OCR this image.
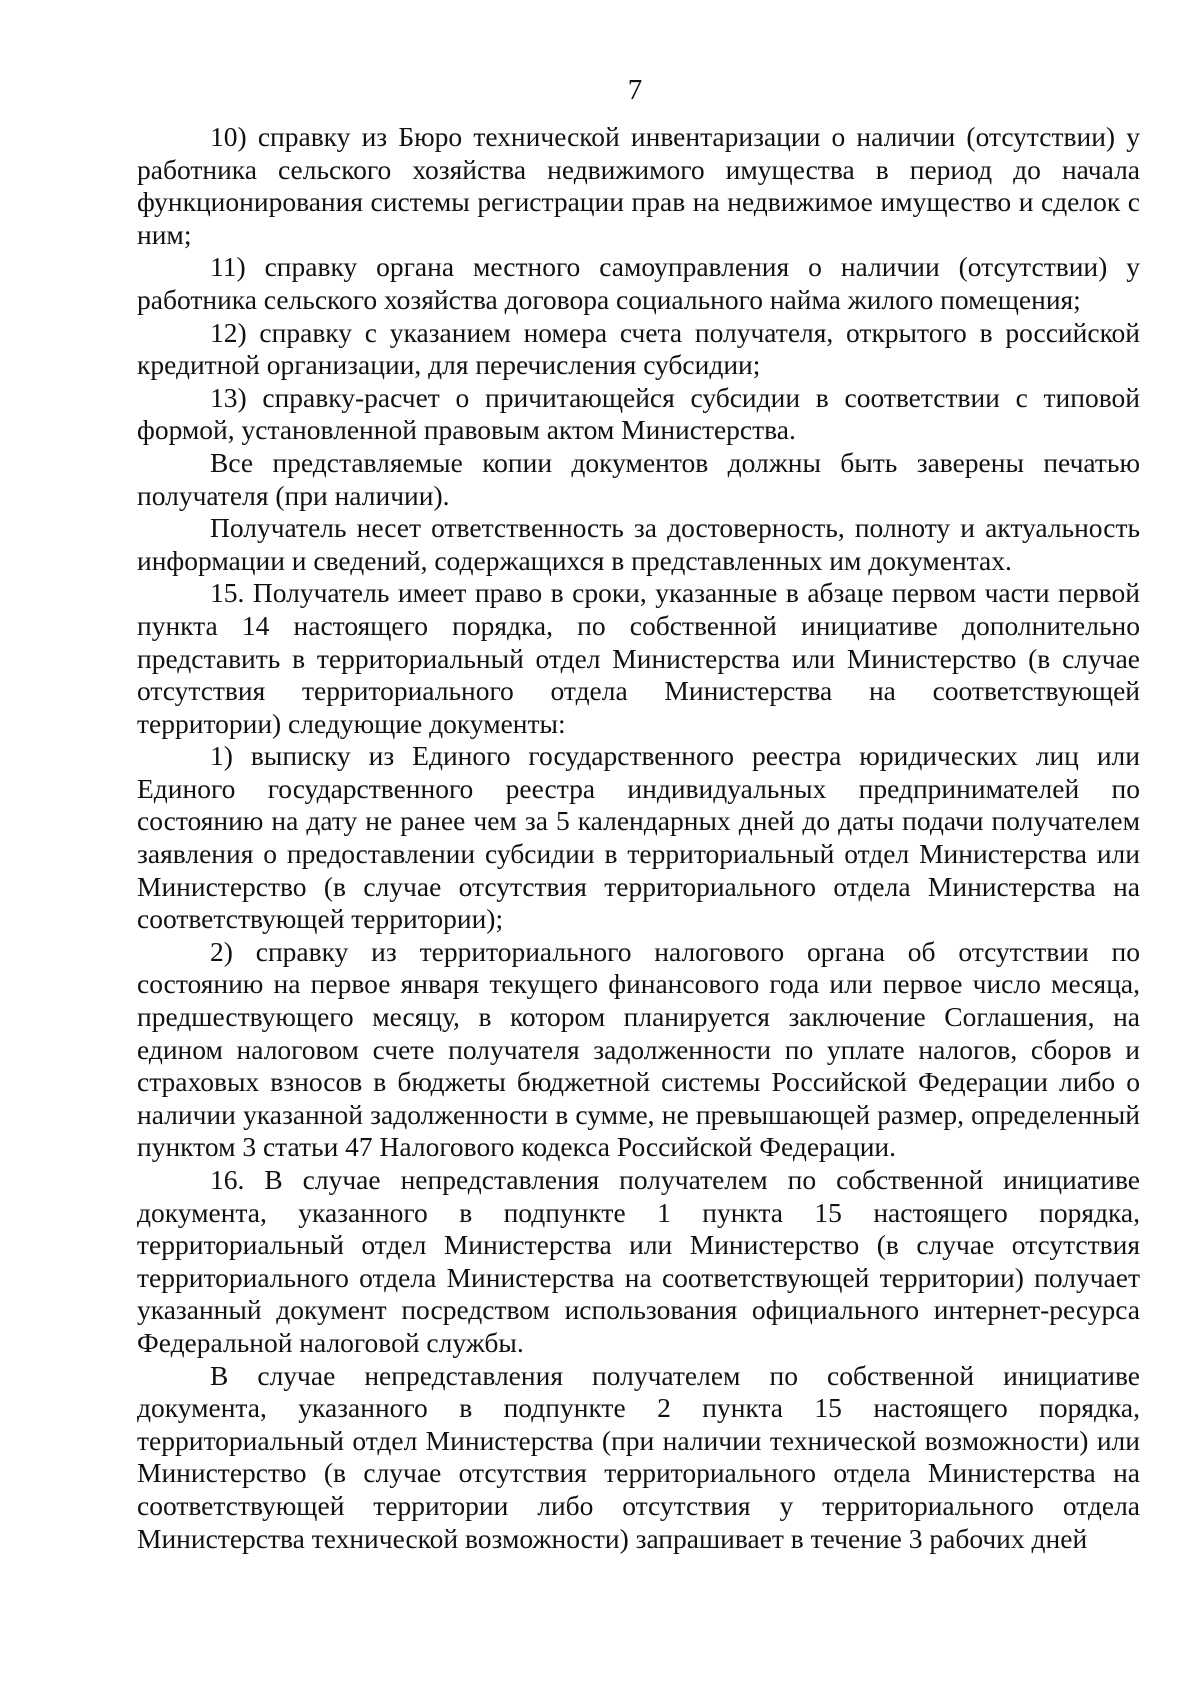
7

10) справку из Бюро технической инвентаризации о наличии (отсутствии) у работника сельского хозяйства недвижимого имущества в период до начала функционирования системы регистрации прав на недвижимое имущество и сделок с ним;

11) справку органа местного самоуправления о наличии (отсутствии) у работника сельского хозяйства договора социального найма жилого помещения;

12) справку с указанием номера счета получателя, открытого в российской кредитной организации, для перечисления субсидии;

13) справку-расчет о причитающейся субсидии в соответствии с типовой формой, установленной правовым актом Министерства.

Все представляемые копии документов должны быть заверены печатью получателя (при наличии).

Получатель несет ответственность за достоверность, полноту и актуальность информации и сведений, содержащихся в представленных им документах.

15. Получатель имеет право в сроки, указанные в абзаце первом части первой пункта 14 настоящего порядка, по собственной инициативе дополнительно представить в территориальный отдел Министерства или Министерство (в случае отсутствия территориального отдела Министерства на соответствующей территории) следующие документы:

1) выписку из Единого государственного реестра юридических лиц или Единого государственного реестра индивидуальных предпринимателей по состоянию на дату не ранее чем за 5 календарных дней до даты подачи получателем заявления о предоставлении субсидии в территориальный отдел Министерства или Министерство (в случае отсутствия территориального отдела Министерства на соответствующей территории);

2) справку из территориального налогового органа об отсутствии по состоянию на первое января текущего финансового года или первое число месяца, предшествующего месяцу, в котором планируется заключение Соглашения, на едином налоговом счете получателя задолженности по уплате налогов, сборов и страховых взносов в бюджеты бюджетной системы Российской Федерации либо о наличии указанной задолженности в сумме, не превышающей размер, определенный пунктом 3 статьи 47 Налогового кодекса Российской Федерации.

16. В случае непредставления получателем по собственной инициативе документа, указанного в подпункте 1 пункта 15 настоящего порядка, территориальный отдел Министерства или Министерство (в случае отсутствия территориального отдела Министерства на соответствующей территории) получает указанный документ посредством использования официального интернет-ресурса Федеральной налоговой службы.

В случае непредставления получателем по собственной инициативе документа, указанного в подпункте 2 пункта 15 настоящего порядка, территориальный отдел Министерства (при наличии технической возможности) или Министерство (в случае отсутствия территориального отдела Министерства на соответствующей территории либо отсутствия у территориального отдела Министерства технической возможности) запрашивает в течение 3 рабочих дней
